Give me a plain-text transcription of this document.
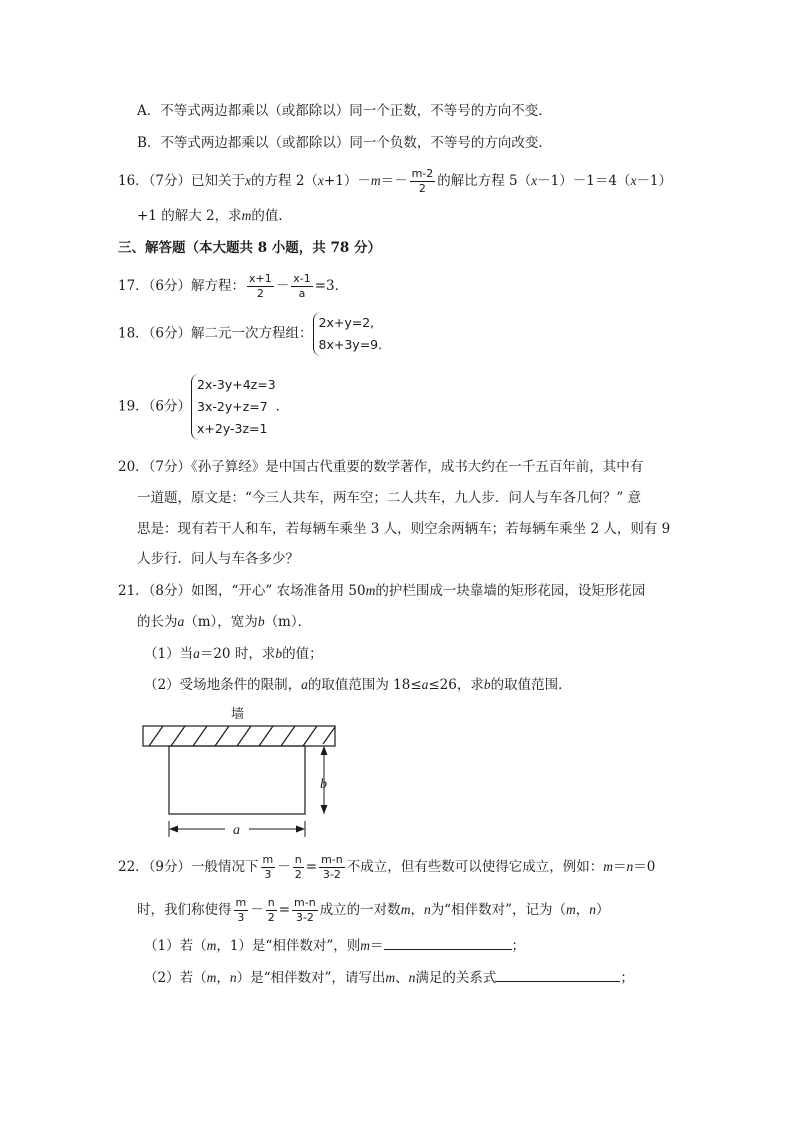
A．不等式两边都乘以（或都除以）同一个正数，不等号的方向不变．
B．不等式两边都乘以（或都除以）同一个负数，不等号的方向改变．
16．（7分）已知关于x的方程 $2(x+1)-m=- \frac{m-2}{2}$ 的解比方程 5（x－1）－1＝4（x－1）
+1 的解大 2，求m的值．
三、解答题（本大题共 8 小题，共 78 分）
17．（6分）解方程： $\frac{x+1}{2} - \frac{x-1}{a} =3$．
18．（6分）解二元一次方程组：
2x+y=2,
8x+3y=9．
19．（6分）
2x-3y+4z=3
3x-2y+z=7
x+2y-3z=1
．
20．（7分）《孙子算经》是中国古代重要的数学著作，成书大约在一千五百年前，其中有
一道题，原文是：“今三人共车，两车空；二人共车，九人步．问人与车各几何？” 意
思是：现有若干人和车，若每辆车乘坐 3 人，则空余两辆车；若每辆车乘坐 2 人，则有 9
人步行．问人与车各多少？
21．（8分）如图，“开心” 农场准备用 50m的护栏围成一块靠墙的矩形花园，设矩形花园
的长为a（m），宽为b（m）．
（1）当a＝20 时，求b的值；
（2）受场地条件的限制，a的取值范围为 18≤a≤26，求b的取值范围．
墙
b
a
22．（9分）一般情况下 $\frac{m}{3} - \frac{n}{2} = \frac{m-n}{3-2}$ 不成立，但有些数可以使得它成立，例如：m＝n＝0
时，我们称使得 $\frac{m}{3} - \frac{n}{2} = \frac{m-n}{3-2}$ 成立的一对数m，n为“相伴数对”，记为（m，n）
（1）若（m，1）是“相伴数对”，则m＝	；
（2）若（m，n）是“相伴数对”，请写出m、n满足的关系式	；
